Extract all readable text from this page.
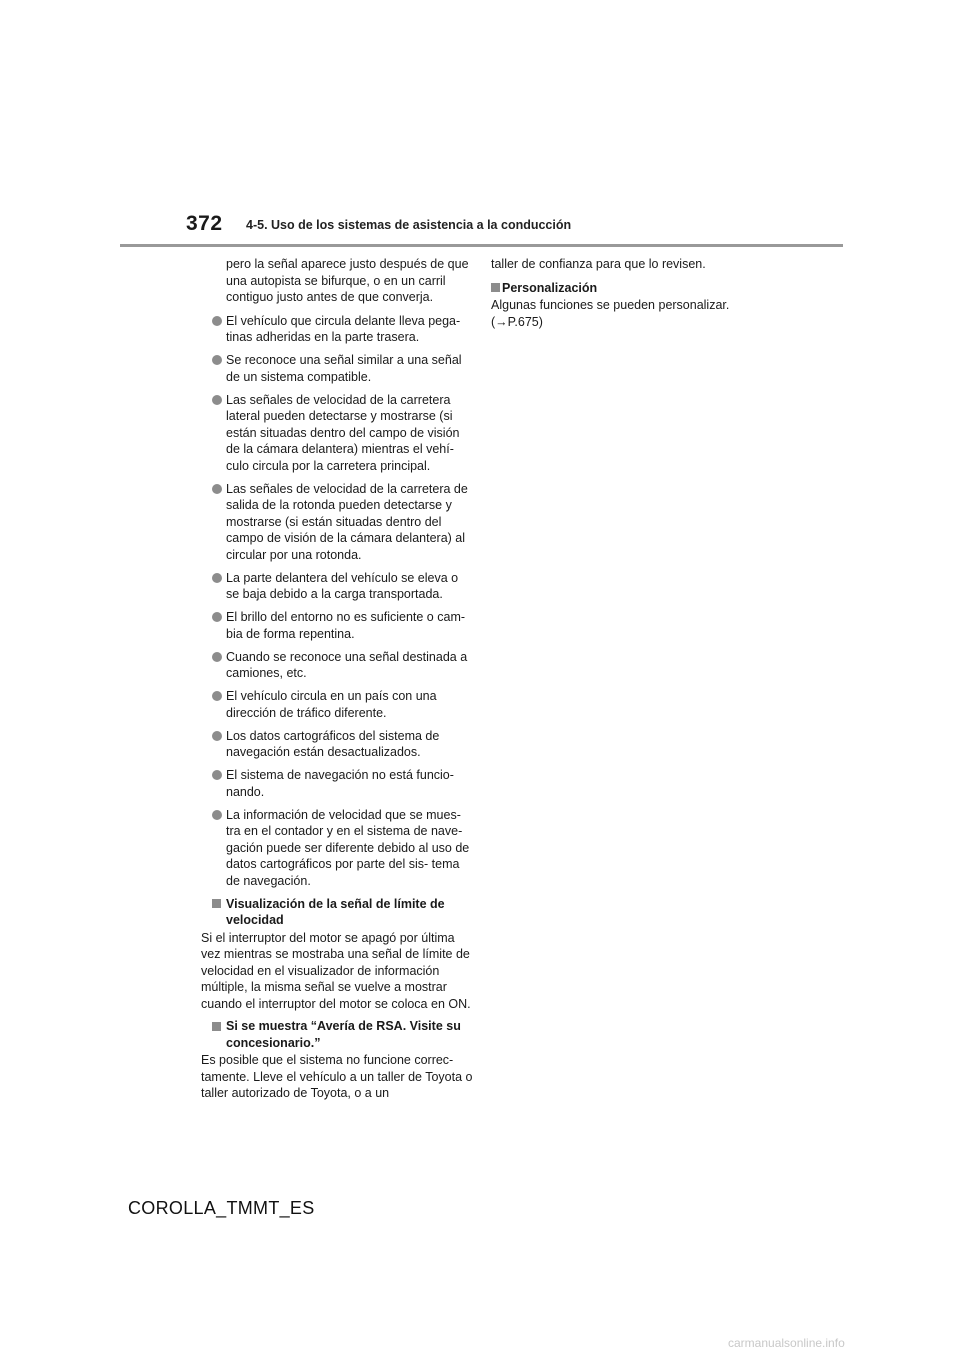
372 4-5. Uso de los sistemas de asistencia a la conducción

pero la señal aparece justo después de que una autopista se bifurque, o en un carril contiguo justo antes de que converja.

El vehículo que circula delante lleva pega- tinas adheridas en la parte trasera.
Se reconoce una señal similar a una señal de un sistema compatible.
Las señales de velocidad de la carretera lateral pueden detectarse y mostrarse (si están situadas dentro del campo de visión de la cámara delantera) mientras el vehí- culo circula por la carretera principal.
Las señales de velocidad de la carretera de salida de la rotonda pueden detectarse y mostrarse (si están situadas dentro del campo de visión de la cámara delantera) al circular por una rotonda.
La parte delantera del vehículo se eleva o se baja debido a la carga transportada.
El brillo del entorno no es suficiente o cam- bia de forma repentina.
Cuando se reconoce una señal destinada a camiones, etc.
El vehículo circula en un país con una dirección de tráfico diferente.
Los datos cartográficos del sistema de navegación están desactualizados.
El sistema de navegación no está funcio- nando.
La información de velocidad que se mues- tra en el contador y en el sistema de nave- gación puede ser diferente debido al uso de datos cartográficos por parte del sis- tema de navegación.
Visualización de la señal de límite de velocidad

Si el interruptor del motor se apagó por última vez mientras se mostraba una señal de límite de velocidad en el visualizador de información múltiple, la misma señal se vuelve a mostrar cuando el interruptor del motor se coloca en ON.

Si se muestra “Avería de RSA. Visite su concesionario.”

Es posible que el sistema no funcione correc- tamente. Lleve el vehículo a un taller de Toyota o taller autorizado de Toyota, o a un

taller de confianza para que lo revisen.

Personalización

Algunas funciones se pueden personalizar.

(→P.675)

COROLLA_TMMT_ES
carmanualsonline.info
